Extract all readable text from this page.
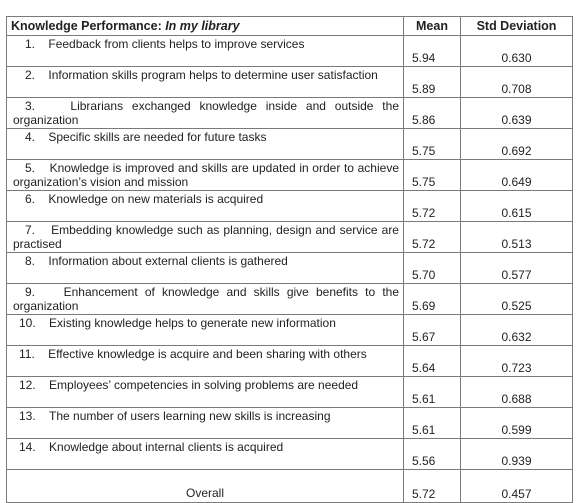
Knowledge Performance: In my library	Mean	Std Deviation

1. Feedback from clients helps to improve services	5.94	0.630

2. Information skills program helps to determine user satisfaction	5.89	0.708

3. Librarians exchanged knowledge inside and outside the organization	5.86	0.639

4. Specific skills are needed for future tasks	5.75	0.692

5. Knowledge is improved and skills are updated in order to achieve organization’s vision and mission	5.75	0.649

6. Knowledge on new materials is acquired	5.72	0.615

7. Embedding knowledge such as planning, design and service are practised	5.72	0.513

8. Information about external clients is gathered	5.70	0.577

9. Enhancement of knowledge and skills give benefits to the organization	5.69	0.525

10. Existing knowledge helps to generate new information	5.67	0.632

11. Effective knowledge is acquire and been sharing with others	5.64	0.723

12. Employees’ competencies in solving problems are needed	5.61	0.688

13. The number of users learning new skills is increasing	5.61	0.599

14. Knowledge about internal clients is acquired	5.56	0.939
Overall	5.72	0.457
